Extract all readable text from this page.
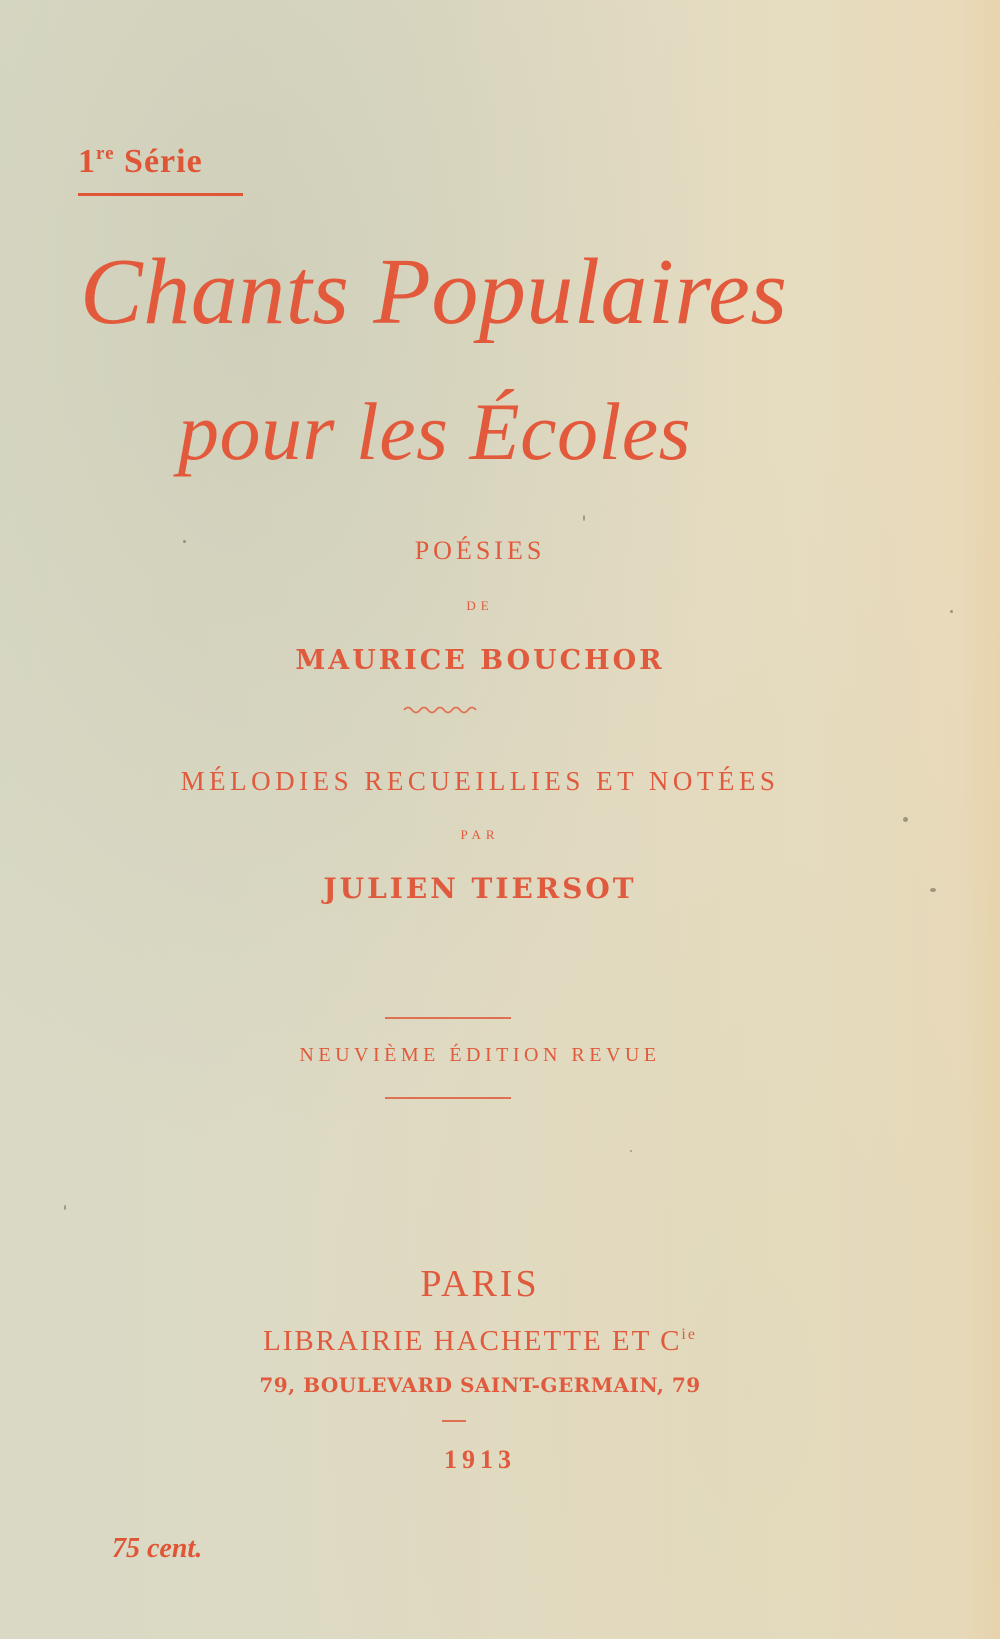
1re Série
Chants Populaires
pour les Écoles
POÉSIES
DE
MAURICE BOUCHOR
MÉLODIES RECUEILLIES ET NOTÉES
PAR
JULIEN TIERSOT
NEUVIÈME ÉDITION REVUE
PARIS
LIBRAIRIE HACHETTE ET $C^{ie}$
79, BOULEVARD SAINT-GERMAIN, 79
1913
75 cent.
